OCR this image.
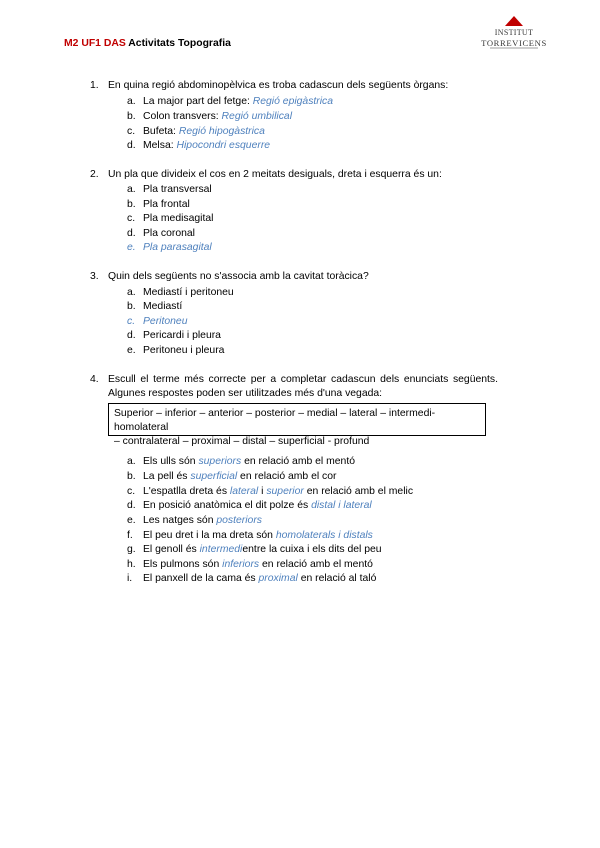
M2 UF1 DAS Activitats Topografia
INSTITUT
TORREVICENS
1. En quina regió abdominopèlvica es troba cadascun dels següents òrgans:
a. La major part del fetge: Regió epigàstrica
b. Colon transvers: Regió umbilical
c. Bufeta: Regió hipogàstrica
d. Melsa: Hipocondri esquerre
2. Un pla que divideix el cos en 2 meitats desiguals, dreta i esquerra és un:
a. Pla transversal
b. Pla frontal
c. Pla medisagital
d. Pla coronal
e. Pla parasagital
3. Quin dels següents no s'associa amb la cavitat toràcica?
a. Mediastí i peritoneu
b. Mediastí
c. Peritoneu
d. Pericardi i pleura
e. Peritoneu i pleura
4. Escull el terme més correcte per a completar cadascun dels enunciats següents.
Algunes respostes poden ser utilitzades més d'una vegada:
Superior – inferior – anterior – posterior – medial – lateral – intermedi- homolateral
– contralateral – proximal – distal – superficial - profund
a. Els ulls són superiors en relació amb el mentó
b. La pell és superficial en relació amb el cor
c. L'espatlla dreta és lateral i superior en relació amb el melic
d. En posició anatòmica el dit polze és distal i lateral
e. Les natges són posteriors
f. El peu dret i la ma dreta són homolaterals i distals
g. El genoll és intermedientre la cuixa i els dits del peu
h. Els pulmons són inferiors en relació amb el mentó
i. El panxell de la cama és proximal en relació al taló
